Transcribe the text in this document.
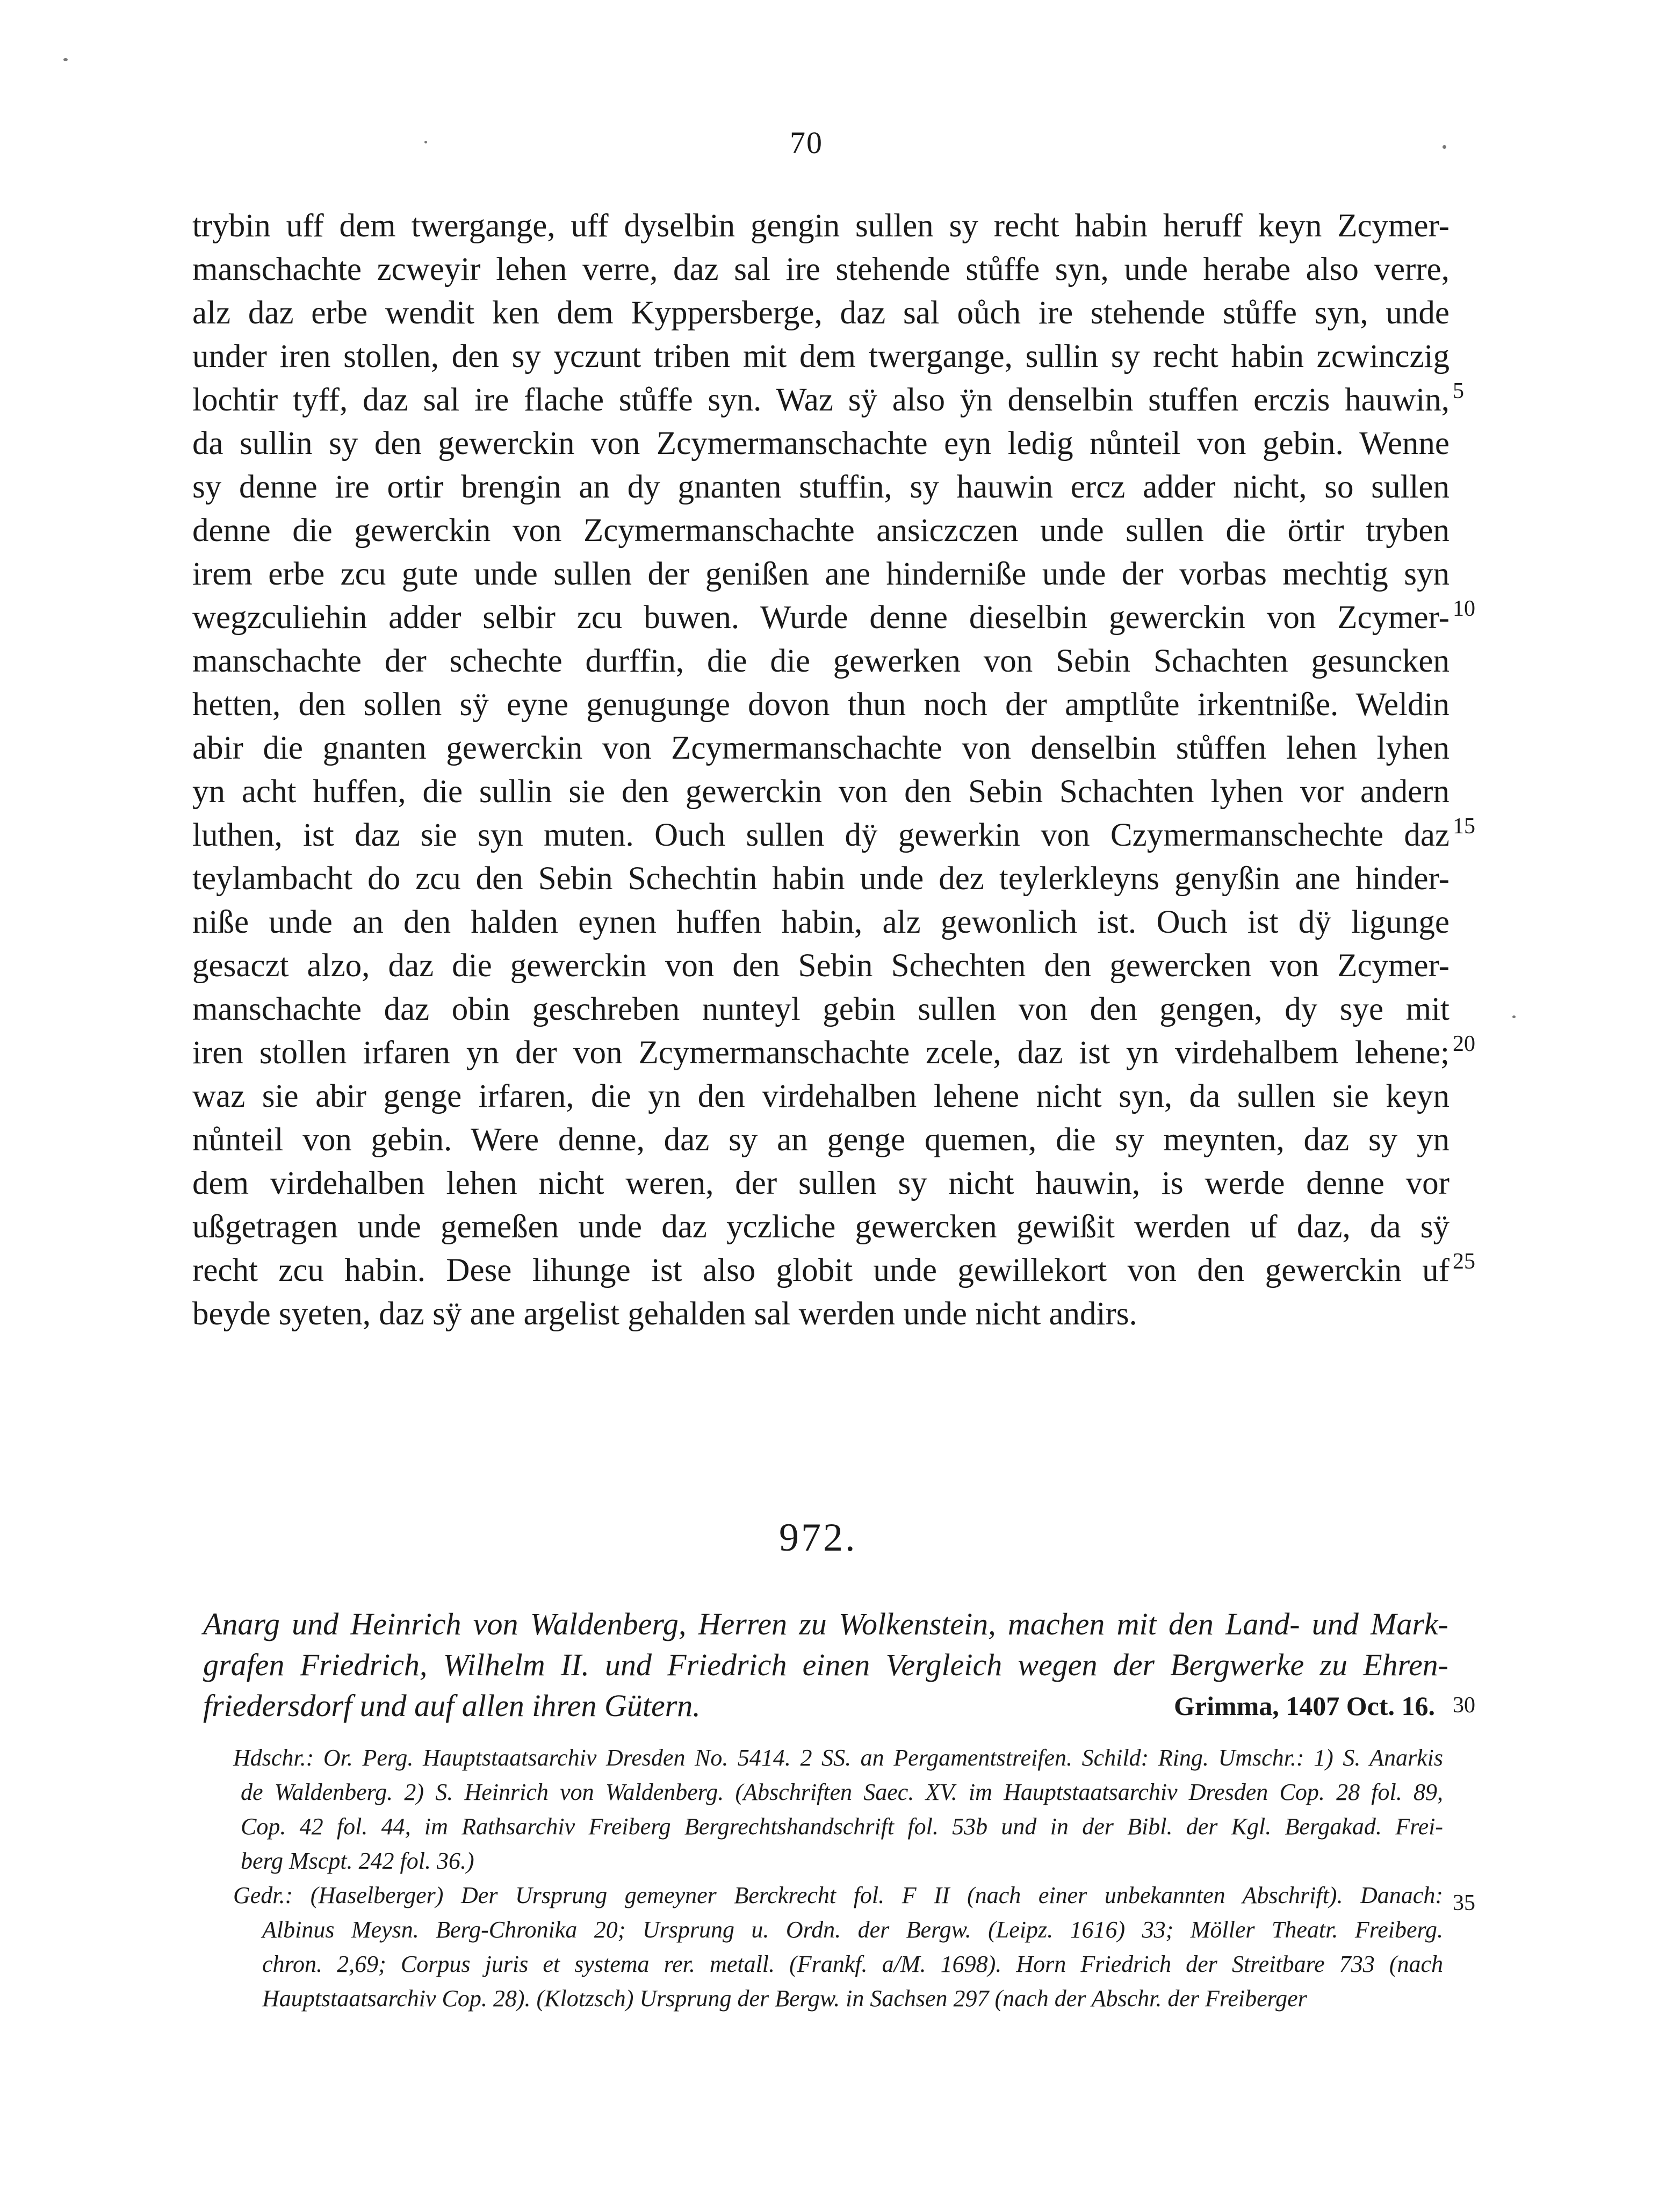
70
trybin uff dem twergange, uff dyselbin gengin sullen sy recht habin heruff keyn Zcymer-
manschachte zcweyir lehen verre, daz sal ire stehende stůffe syn, unde herabe also verre,
alz daz erbe wendit ken dem Kyppersberge, daz sal oůch ire stehende stůffe syn, unde
under iren stollen, den sy yczunt triben mit dem twergange, sullin sy recht habin zcwinczig
lochtir tyff, daz sal ire flache stůffe syn. Waz sÿ also ÿn denselbin stuffen erczis hauwin,
da sullin sy den gewerckin von Zcymermanschachte eyn ledig nůnteil von gebin. Wenne
sy denne ire ortir brengin an dy gnanten stuffin, sy hauwin ercz adder nicht, so sullen
denne die gewerckin von Zcymermanschachte ansiczczen unde sullen die örtir tryben
irem erbe zcu gute unde sullen der genißen ane hinderniße unde der vorbas mechtig syn
wegzculiehin adder selbir zcu buwen. Wurde denne dieselbin gewerckin von Zcymer-
manschachte der schechte durffin, die die gewerken von Sebin Schachten gesuncken
hetten, den sollen sÿ eyne genugunge dovon thun noch der amptlůte irkentniße. Weldin
abir die gnanten gewerckin von Zcymermanschachte von denselbin stůffen lehen lyhen
yn acht huffen, die sullin sie den gewerckin von den Sebin Schachten lyhen vor andern
luthen, ist daz sie syn muten. Ouch sullen dÿ gewerkin von Czymermanschechte daz
teylambacht do zcu den Sebin Schechtin habin unde dez teylerkleyns genyßin ane hinder-
niße unde an den halden eynen huffen habin, alz gewonlich ist. Ouch ist dÿ ligunge
gesaczt alzo, daz die gewerckin von den Sebin Schechten den gewercken von Zcymer-
manschachte daz obin geschreben nunteyl gebin sullen von den gengen, dy sye mit
iren stollen irfaren yn der von Zcymermanschachte zcele, daz ist yn virdehalbem lehene;
waz sie abir genge irfaren, die yn den virdehalben lehene nicht syn, da sullen sie keyn
nůnteil von gebin. Were denne, daz sy an genge quemen, die sy meynten, daz sy yn
dem virdehalben lehen nicht weren, der sullen sy nicht hauwin, is werde denne vor
ußgetragen unde gemeßen unde daz yczliche gewercken gewißit werden uf daz, da sÿ
recht zcu habin. Dese lihunge ist also globit unde gewillekort von den gewerckin uf
beyde syeten, daz sÿ ane argelist gehalden sal werden unde nicht andirs.
5
10
15
20
25
972.
Anarg und Heinrich von Waldenberg, Herren zu Wolkenstein, machen mit den Land- und Mark-
grafen Friedrich, Wilhelm II. und Friedrich einen Vergleich wegen der Bergwerke zu Ehren-
friedersdorf und auf allen ihren Gütern.	Grimma, 1407 Oct. 16. 30
Hdschr.: Or. Perg. Hauptstaatsarchiv Dresden No. 5414. 2 SS. an Pergamentstreifen. Schild: Ring. Umschr.: 1) S. Anarkis
de Waldenberg. 2) S. Heinrich von Waldenberg. (Abschriften Saec. XV. im Hauptstaatsarchiv Dresden Cop. 28 fol. 89,
Cop. 42 fol. 44, im Rathsarchiv Freiberg Bergrechtshandschrift fol. 53b und in der Bibl. der Kgl. Bergakad. Frei-
berg Mscpt. 242 fol. 36.)
Gedr.: (Haselberger) Der Ursprung gemeyner Berckrecht fol. F II (nach einer unbekannten Abschrift). Danach:
Albinus Meysn. Berg-Chronika 20; Ursprung u. Ordn. der Bergw. (Leipz. 1616) 33; Möller Theatr. Freiberg.
chron. 2,69; Corpus juris et systema rer. metall. (Frankf. a/M. 1698). Horn Friedrich der Streitbare 733 (nach
Hauptstaatsarchiv Cop. 28). (Klotzsch) Ursprung der Bergw. in Sachsen 297 (nach der Abschr. der Freiberger
35
